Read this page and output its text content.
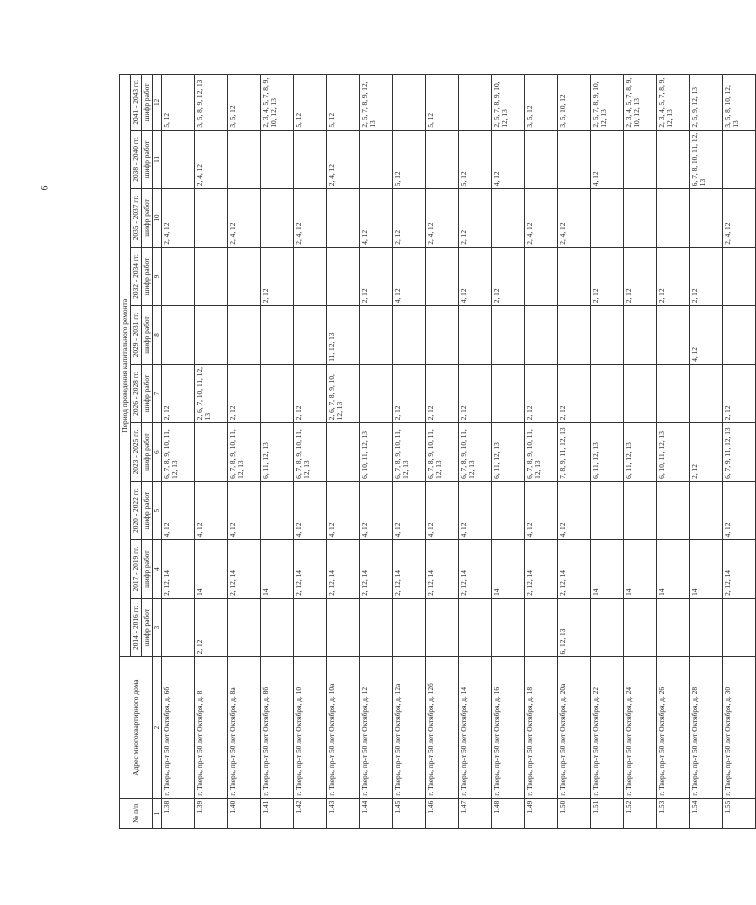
6
№ п/п	Адрес многоквартирного дома	Период проведения капитального ремонта									
		2014 - 2016 гг.	2017 - 2019 гг.	2020 - 2022 гг.	2023 - 2025 гг.	2026 - 2028 гг.	2029 - 2031 гг.	2032 - 2034 гг.	2035 - 2037 гг.	2038 - 2040 гг.	2041 - 2043 гг.
		шифр работ	шифр работ	шифр работ	шифр работ	шифр работ	шифр работ	шифр работ	шифр работ	шифр работ	шифр работ
1	2	3	4	5	6	7	8	9	10	11	12
1.38	г. Тверь, пр-т 50 лет Октября, д. 6б		2, 12, 14	4, 12	6, 7, 8, 9, 10, 11, 12, 13	2, 12			2, 4, 12		5, 12
1.39	г. Тверь, пр-т 50 лет Октября, д. 8	2, 12	14	4, 12		2, 6, 7, 10, 11, 12, 13				2, 4, 12	3, 5, 8, 9, 12, 13
1.40	г. Тверь, пр-т 50 лет Октября, д. 8а		2, 12, 14	4, 12	6, 7, 8, 9, 10, 11, 12, 13	2, 12			2, 4, 12		3, 5, 12
1.41	г. Тверь, пр-т 50 лет Октября, д. 8б		14		6, 11, 12, 13			2, 12			2, 3, 4, 5, 7, 8, 9, 10, 12, 13
1.42	г. Тверь, пр-т 50 лет Октября, д. 10		2, 12, 14	4, 12	6, 7, 8, 9, 10, 11, 12, 13	2, 12			2, 4, 12		5, 12
1.43	г. Тверь, пр-т 50 лет Октября, д. 10а		2, 12, 14	4, 12		2, 6, 7, 8, 9, 10, 12, 13	11, 12, 13			2, 4, 12	5, 12
1.44	г. Тверь, пр-т 50 лет Октября, д. 12		2, 12, 14	4, 12	6, 10, 11, 12, 13			2, 12	4, 12		2, 5, 7, 8, 9, 12, 13
1.45	г. Тверь, пр-т 50 лет Октября, д. 12а		2, 12, 14	4, 12	6, 7, 8, 9, 10, 11, 12, 13	2, 12		4, 12	2, 12	5, 12	
1.46	г. Тверь, пр-т 50 лет Октября, д. 12б		2, 12, 14	4, 12	6, 7, 8, 9, 10, 11, 12, 13	2, 12			2, 4, 12		5, 12
1.47	г. Тверь, пр-т 50 лет Октября, д. 14		2, 12, 14	4, 12	6, 7, 8, 9, 10, 11, 12, 13	2, 12		4, 12	2, 12	5, 12	
1.48	г. Тверь, пр-т 50 лет Октября, д. 16		14		6, 11, 12, 13			2, 12		4, 12	2, 5, 7, 8, 9, 10, 12, 13
1.49	г. Тверь, пр-т 50 лет Октября, д. 18		2, 12, 14	4, 12	6, 7, 8, 9, 10, 11, 12, 13	2, 12			2, 4, 12		3, 5, 12
1.50	г. Тверь, пр-т 50 лет Октября, д. 20а	6, 12, 13	2, 12, 14	4, 12	7, 8, 9, 11, 12, 13	2, 12			2, 4, 12		3, 5, 10, 12
1.51	г. Тверь, пр-т 50 лет Октября, д. 22		14		6, 11, 12, 13			2, 12		4, 12	2, 5, 7, 8, 9, 10, 12, 13
1.52	г. Тверь, пр-т 50 лет Октября, д. 24		14		6, 11, 12, 13			2, 12			2, 3, 4, 5, 7, 8, 9, 10, 12, 13
1.53	г. Тверь, пр-т 50 лет Октября, д. 26		14		6, 10, 11, 12, 13			2, 12			2, 3, 4, 5, 7, 8, 9, 12, 13
1.54	г. Тверь, пр-т 50 лет Октября, д. 28		14		2, 12		4, 12	2, 12		6, 7, 8, 10, 11, 12, 13	2, 5, 9, 12, 13
1.55	г. Тверь, пр-т 50 лет Октября, д. 30		2, 12, 14	4, 12	6, 7, 9, 11, 12, 13	2, 12			2, 4, 12		3, 5, 8, 10, 12, 13
